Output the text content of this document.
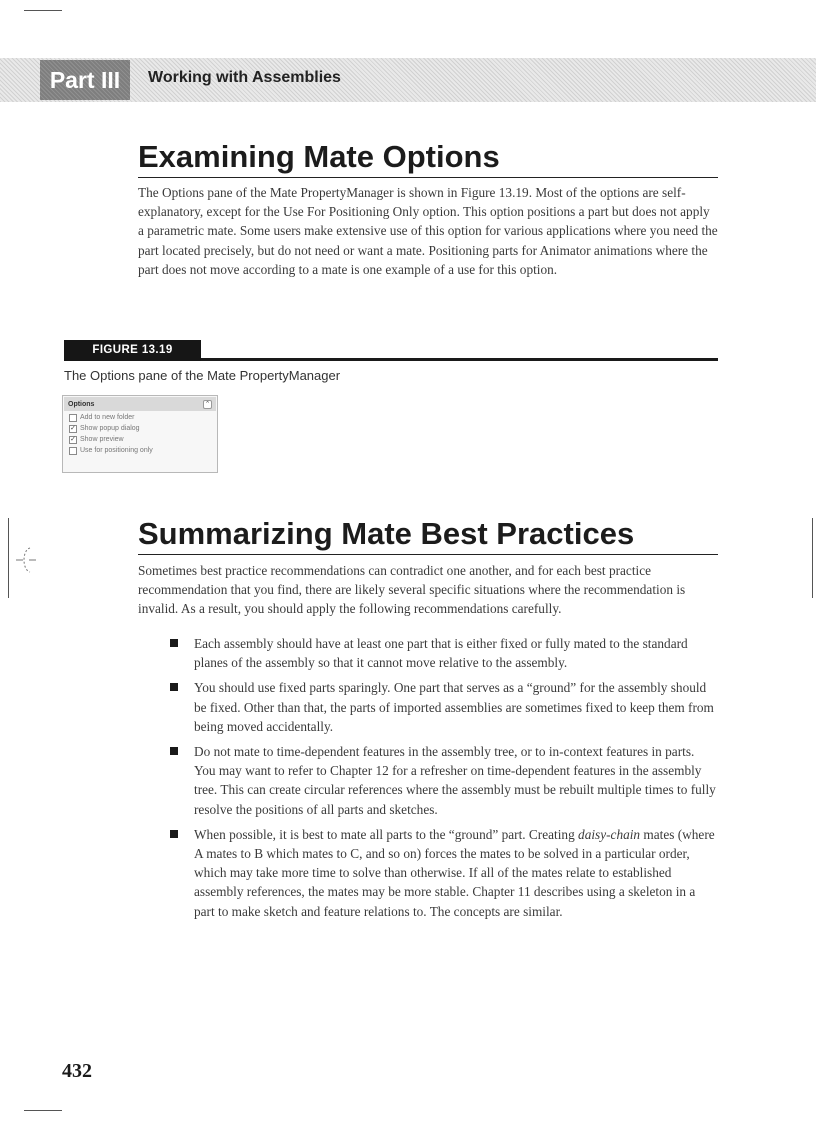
Part III	Working with Assemblies
Examining Mate Options

The Options pane of the Mate PropertyManager is shown in Figure 13.19. Most of the options are self-explanatory, except for the Use For Positioning Only option. This option positions a part but does not apply a parametric mate. Some users make extensive use of this option for various applications where you need the part located precisely, but do not need or want a mate. Positioning parts for Animator animations where the part does not move according to a mate is one example of a use for this option.

FIGURE 13.19
The Options pane of the Mate PropertyManager
Options	⌃
Add to new folder
✓ Show popup dialog
✓ Show preview
Use for positioning only
Summarizing Mate Best Practices

Sometimes best practice recommendations can contradict one another, and for each best practice recommendation that you find, there are likely several specific situations where the recommendation is invalid. As a result, you should apply the following recommendations carefully.

Each assembly should have at least one part that is either fixed or fully mated to the standard planes of the assembly so that it cannot move relative to the assembly.
You should use fixed parts sparingly. One part that serves as a “ground” for the assembly should be fixed. Other than that, the parts of imported assemblies are sometimes fixed to keep them from being moved accidentally.
Do not mate to time-dependent features in the assembly tree, or to in-context features in parts. You may want to refer to Chapter 12 for a refresher on time-dependent features in the assembly tree. This can create circular references where the assembly must be rebuilt multiple times to fully resolve the positions of all parts and sketches.
When possible, it is best to mate all parts to the “ground” part. Creating daisy-chain mates (where A mates to B which mates to C, and so on) forces the mates to be solved in a particular order, which may take more time to solve than otherwise. If all of the mates relate to established assembly references, the mates may be more stable. Chapter 11 describes using a skeleton in a part to make sketch and feature relations to. The concepts are similar.
432
